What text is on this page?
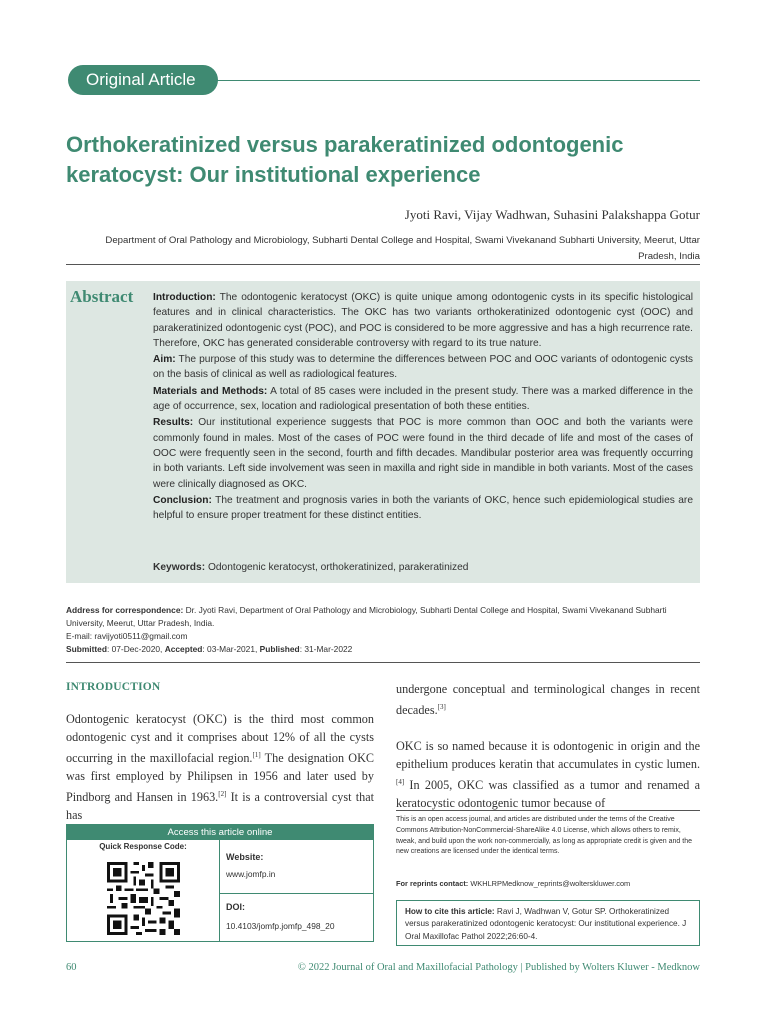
Original Article
Orthokeratinized versus parakeratinized odontogenic keratocyst: Our institutional experience
Jyoti Ravi, Vijay Wadhwan, Suhasini Palakshappa Gotur
Department of Oral Pathology and Microbiology, Subharti Dental College and Hospital, Swami Vivekanand Subharti University, Meerut, Uttar Pradesh, India
Abstract Introduction: The odontogenic keratocyst (OKC) is quite unique among odontogenic cysts in its specific histological features and in clinical characteristics. The OKC has two variants orthokeratinized odontogenic cyst (OOC) and parakeratinized odontogenic cyst (POC), and POC is considered to be more aggressive and has a high recurrence rate. Therefore, OKC has generated considerable controversy with regard to its true nature.

Aim: The purpose of this study was to determine the differences between POC and OOC variants of odontogenic cysts on the basis of clinical as well as radiological features.

Materials and Methods: A total of 85 cases were included in the present study. There was a marked difference in the age of occurrence, sex, location and radiological presentation of both these entities.

Results: Our institutional experience suggests that POC is more common than OOC and both the variants were commonly found in males. Most of the cases of POC were found in the third decade of life and most of the cases of OOC were frequently seen in the second, fourth and fifth decades. Mandibular posterior area was frequently occurring in both variants. Left side involvement was seen in maxilla and right side in mandible in both variants. Most of the cases were clinically diagnosed as OKC.

Conclusion: The treatment and prognosis varies in both the variants of OKC, hence such epidemiological studies are helpful to ensure proper treatment for these distinct entities.

Keywords: Odontogenic keratocyst, orthokeratinized, parakeratinized

Address for correspondence: Dr. Jyoti Ravi, Department of Oral Pathology and Microbiology, Subharti Dental College and Hospital, Swami Vivekanand Subharti University, Meerut, Uttar Pradesh, India.

E-mail: ravijyoti0511@gmail.com

Submitted: 07-Dec-2020, Accepted: 03-Mar-2021, Published: 31-Mar-2022

INTRODUCTION

Odontogenic keratocyst (OKC) is the third most common odontogenic cyst and it comprises about 12% of all the cysts occurring in the maxillofacial region.[1] The designation OKC was first employed by Philipsen in 1956 and later used by Pindborg and Hansen in 1963.[2] It is a controversial cyst that has

undergone conceptual and terminological changes in recent decades.[3]

OKC is so named because it is odontogenic in origin and the epithelium produces keratin that accumulates in cystic lumen.[4] In 2005, OKC was classified as a tumor and renamed a keratocystic odontogenic tumor because of

Access this article online
Quick Response Code:
Website:
www.jomfp.in
DOI:
10.4103/jomfp.jomfp_498_20
This is an open access journal, and articles are distributed under the terms of the Creative Commons Attribution-NonCommercial-ShareAlike 4.0 License, which allows others to remix, tweak, and build upon the work non-commercially, as long as appropriate credit is given and the new creations are licensed under the identical terms.
For reprints contact: WKHLRPMedknow_reprints@wolterskluwer.com
How to cite this article: Ravi J, Wadhwan V, Gotur SP. Orthokeratinized versus parakeratinized odontogenic keratocyst: Our institutional experience. J Oral Maxillofac Pathol 2022;26:60-4.
60	© 2022 Journal of Oral and Maxillofacial Pathology | Published by Wolters Kluwer - Medknow
